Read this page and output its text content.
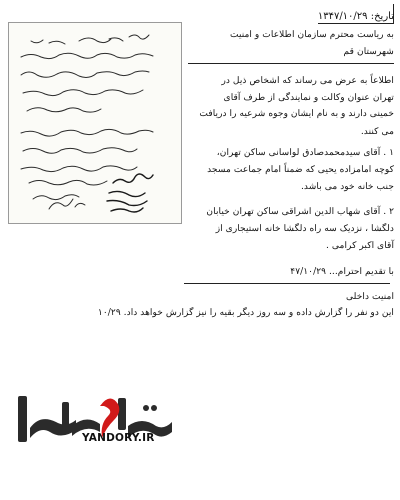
تاریخ: ۱۳۴۷/۱۰/۲۹
به ریاست محترم سازمان اطلاعات و امنیت
شهرستان قم
اطلاعاً به عرض می رساند که اشخاص ذیل در
تهران عنوان وکالت و نمایندگی از طرف آقای
خمینی دارند و به نام ایشان وجوه شرعیه را دریافت
می کنند.
۱ . آقای سیدمحمدصادق لواسانی ساکن تهران،
کوچه امامزاده یحیی که ضمناً امام جماعت مسجد
جنب خانه خود می باشد.
۲ . آقای شهاب الدین اشراقی ساکن تهران خیابان
دلگشا ، نزدیک سه راه دلگشا خانه استیجاری از
آقای اکبر کرامی .
با تقدیم احترام... ۴۷/۱۰/۲۹
امنیت داخلی
این دو نفر را گزارش داده و سه روز دیگر بقیه را نیز گزارش خواهد داد. ۱۰/۲۹
YANDORY.IR
